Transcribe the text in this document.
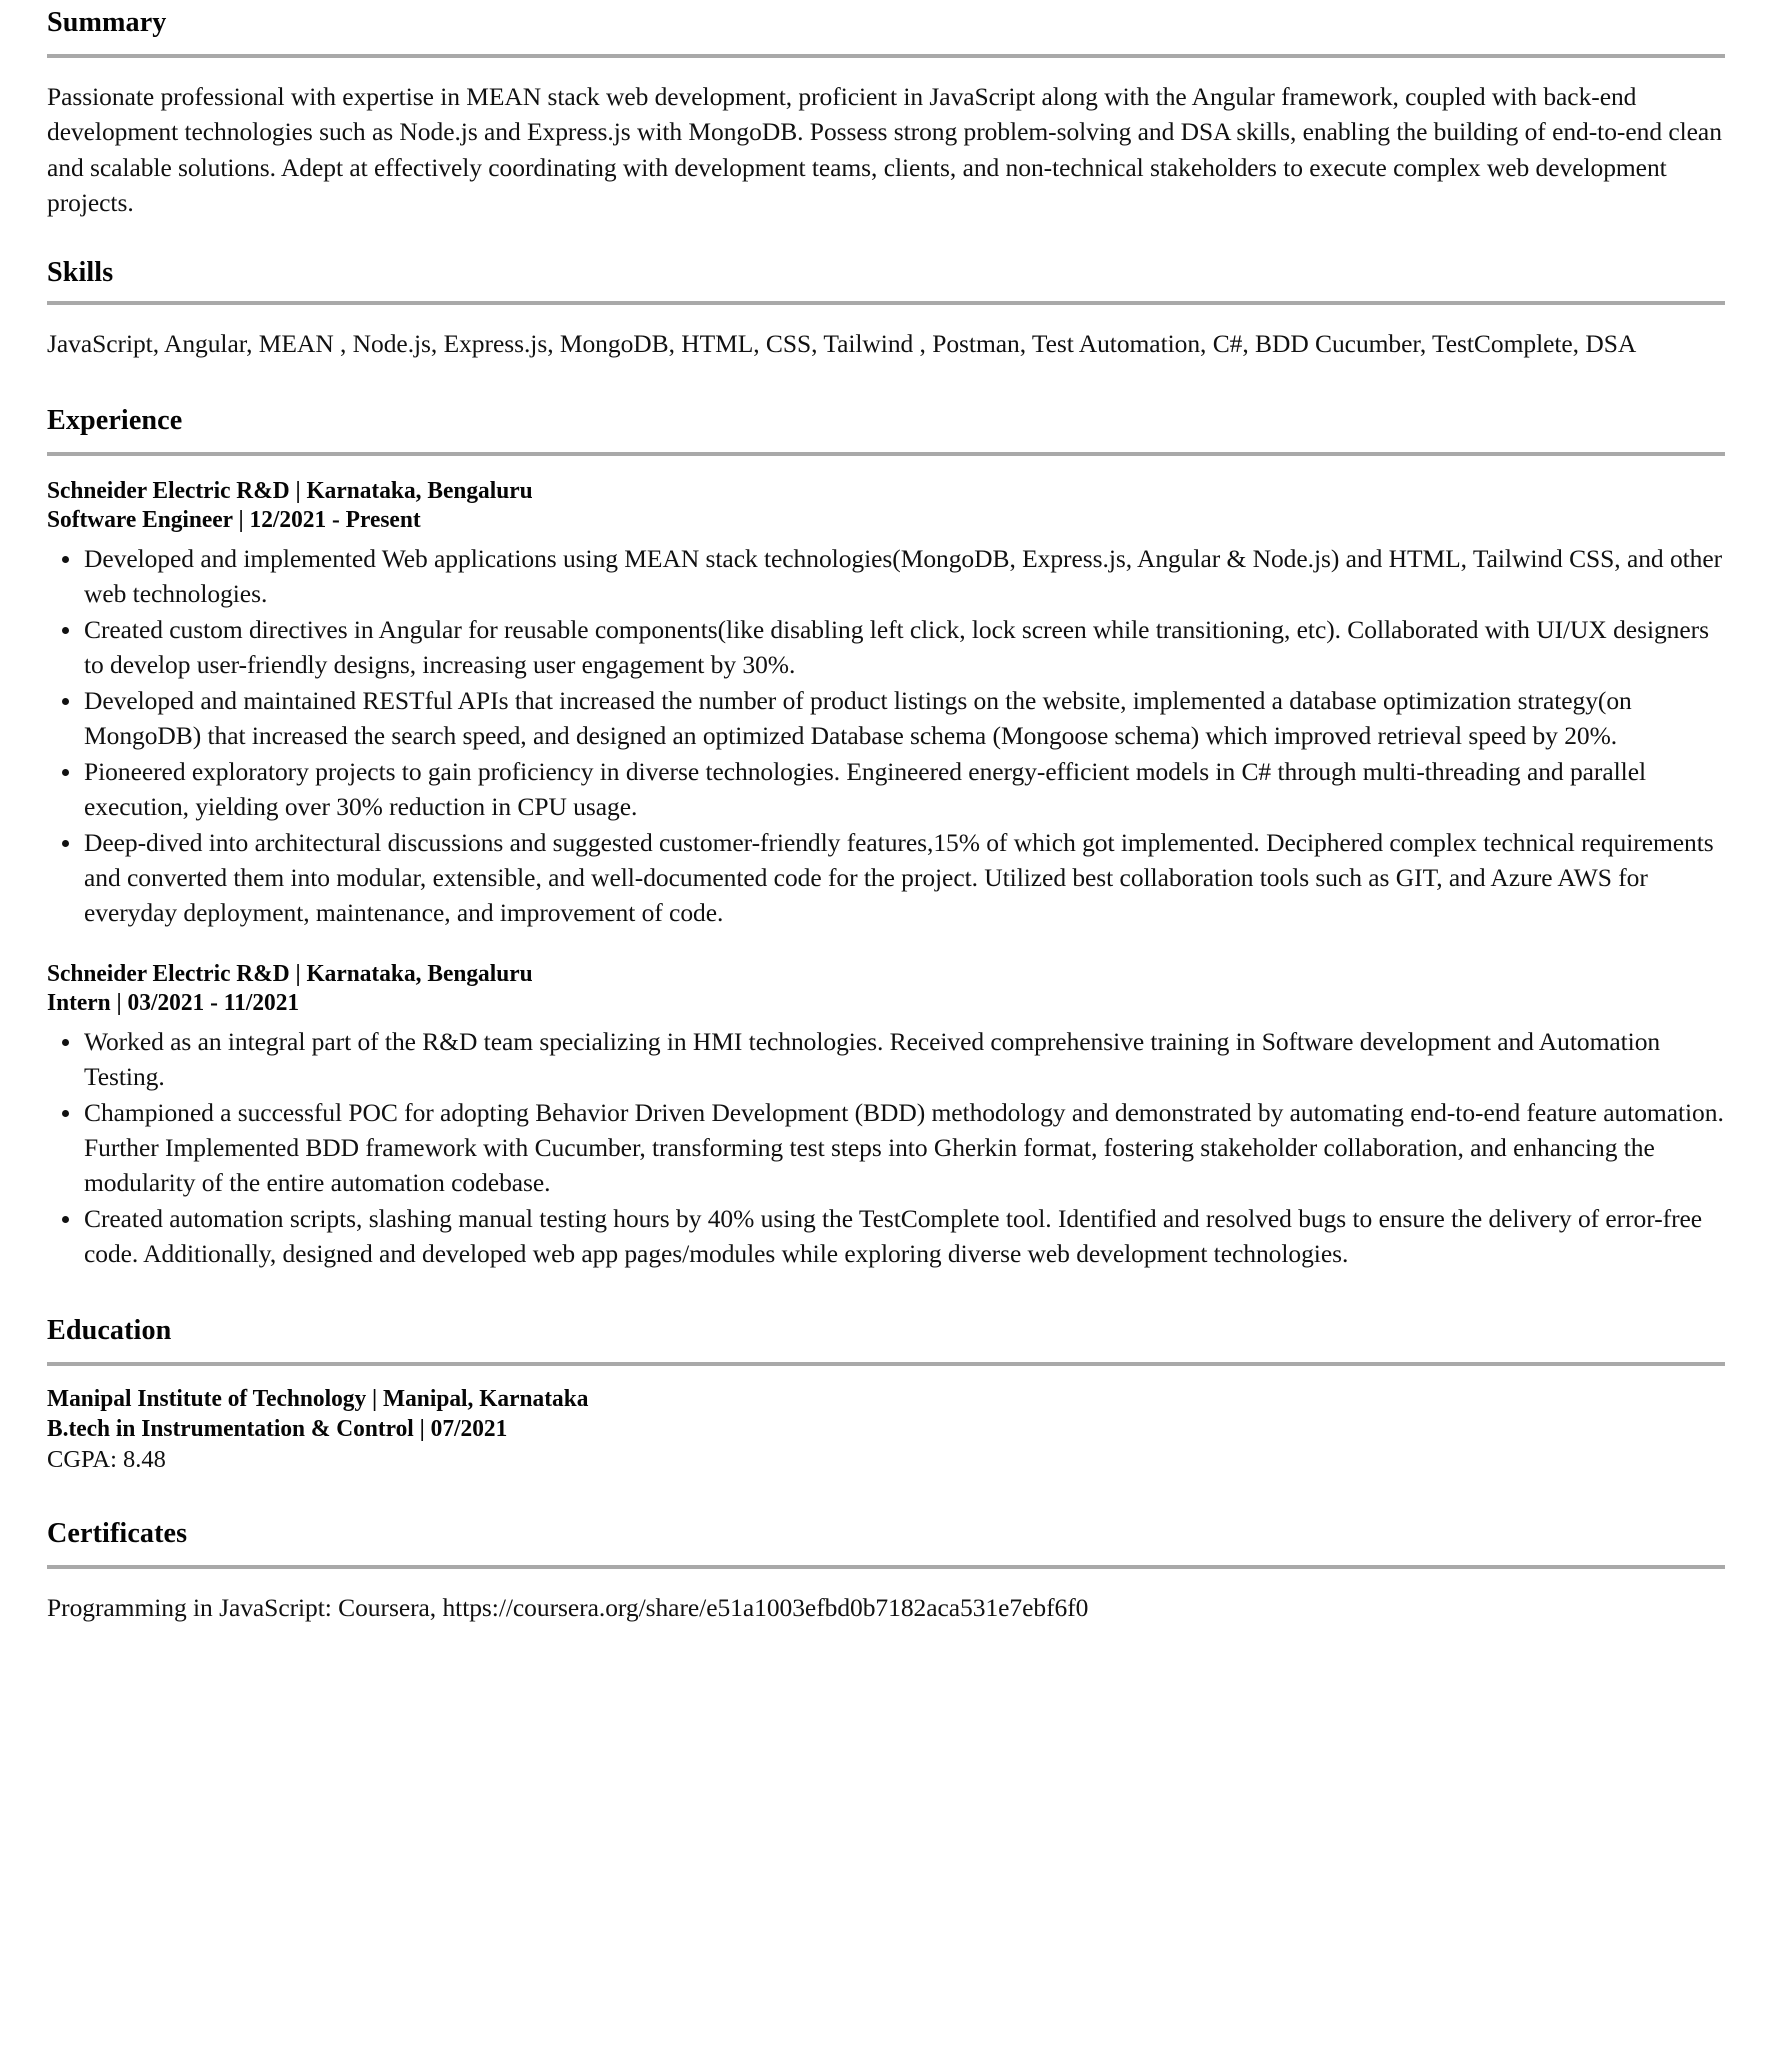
Summary
Passionate professional with expertise in MEAN stack web development, proficient in JavaScript along with the Angular framework, coupled with back-end development technologies such as Node.js and Express.js with MongoDB. Possess strong problem-solving and DSA skills, enabling the building of end-to-end clean and scalable solutions. Adept at effectively coordinating with development teams, clients, and non-technical stakeholders to execute complex web development projects.
Skills
JavaScript, Angular, MEAN , Node.js, Express.js, MongoDB, HTML, CSS, Tailwind , Postman, Test Automation, C#, BDD Cucumber, TestComplete, DSA
Experience
Schneider Electric R&D | Karnataka, Bengaluru
Software Engineer | 12/2021 - Present
Developed and implemented Web applications using MEAN stack technologies(MongoDB, Express.js, Angular & Node.js) and HTML, Tailwind CSS, and other web technologies.
Created custom directives in Angular for reusable components(like disabling left click, lock screen while transitioning, etc). Collaborated with UI/UX designers to develop user-friendly designs, increasing user engagement by 30%.
Developed and maintained RESTful APIs that increased the number of product listings on the website, implemented a database optimization strategy(on MongoDB) that increased the search speed, and designed an optimized Database schema (Mongoose schema) which improved retrieval speed by 20%.
Pioneered exploratory projects to gain proficiency in diverse technologies. Engineered energy-efficient models in C# through multi-threading and parallel execution, yielding over 30% reduction in CPU usage.
Deep-dived into architectural discussions and suggested customer-friendly features,15% of which got implemented. Deciphered complex technical requirements and converted them into modular, extensible, and well-documented code for the project. Utilized best collaboration tools such as GIT, and Azure AWS for everyday deployment, maintenance, and improvement of code.
Schneider Electric R&D | Karnataka, Bengaluru
Intern | 03/2021 - 11/2021
Worked as an integral part of the R&D team specializing in HMI technologies. Received comprehensive training in Software development and Automation Testing.
Championed a successful POC for adopting Behavior Driven Development (BDD) methodology and demonstrated by automating end-to-end feature automation. Further Implemented BDD framework with Cucumber, transforming test steps into Gherkin format, fostering stakeholder collaboration, and enhancing the modularity of the entire automation codebase.
Created automation scripts, slashing manual testing hours by 40% using the TestComplete tool. Identified and resolved bugs to ensure the delivery of error-free code. Additionally, designed and developed web app pages/modules while exploring diverse web development technologies.
Education
Manipal Institute of Technology | Manipal, Karnataka
B.tech in Instrumentation & Control | 07/2021
CGPA: 8.48
Certificates
Programming in JavaScript: Coursera, https://coursera.org/share/e51a1003efbd0b7182aca531e7ebf6f0
